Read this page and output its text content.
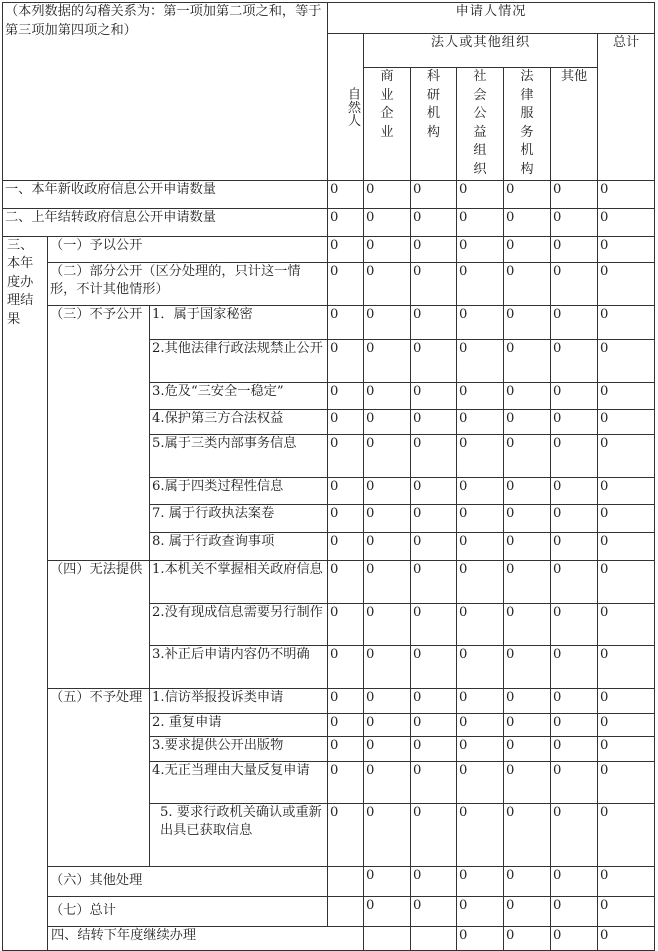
（本列数据的勾稽关系为：第一项加第二项之和，等于第三项加第四项之和）			申请人情况							
			自然人	法人或其他组织					总计	
				商业企业	科研机构	社会公益组织	法律服务机构	其他		
一、本年新收政府信息公开申请数量			0	0	0	0	0	0	0	
二、上年结转政府信息公开申请数量			0	0	0	0	0	0	0	
三、本年度办理结果	（一）予以公开		0	0	0	0	0	0	0	
	（二）部分公开（区分处理的，只计这一情形，不计其他情形）		0	0	0	0	0	0	0	
	（三）不予公开	1．属于国家秘密	0	0	0	0	0	0	0	
		2.其他法律行政法规禁止公开	0	0	0	0	0	0	0	
		3.危及“三安全一稳定”	0	0	0	0	0	0	0	
		4.保护第三方合法权益	0	0	0	0	0	0	0	
		5.属于三类内部事务信息	0	0	0	0	0	0	0	
		6.属于四类过程性信息	0	0	0	0	0	0	0	
		7. 属于行政执法案卷	0	0	0	0	0	0	0	
		8. 属于行政查询事项	0	0	0	0	0	0	0	
	（四）无法提供	1.本机关不掌握相关政府信息	0	0	0	0	0	0	0	
		2.没有现成信息需要另行制作	0	0	0	0	0	0	0	
		3.补正后申请内容仍不明确	0	0	0	0	0	0	0	
	（五）不予处理	1.信访举报投诉类申请	0	0	0	0	0	0	0	
		2. 重复申请	0	0	0	0	0	0	0	
		3.要求提供公开出版物	0	0	0	0	0	0	0	
		4.无正当理由大量反复申请	0	0	0	0	0	0	0	
		5. 要求行政机关确认或重新出具已获取信息	0	0	0	0	0	0	0	
	（六）其他处理			0	0	0	0	0	0	
	（七）总计			0	0	0	0	0	0	
	四、结转下年度继续办理					0	0	0	0	
